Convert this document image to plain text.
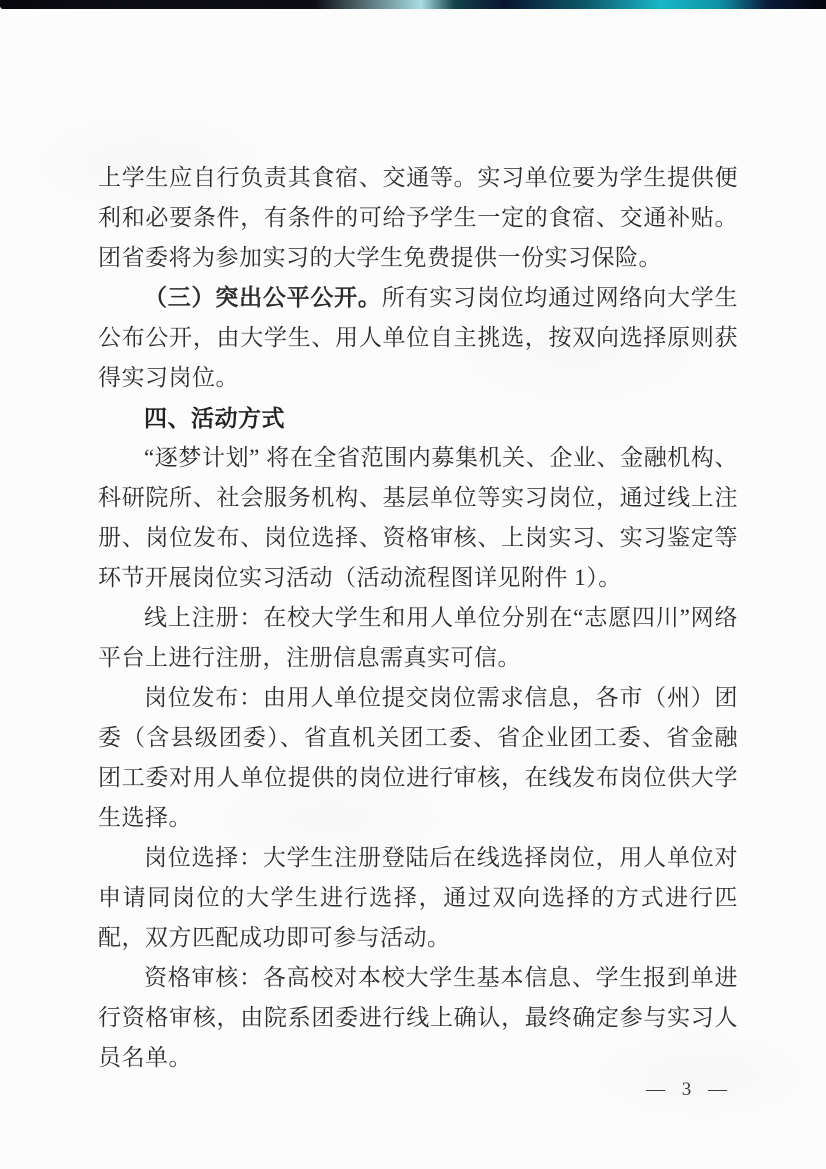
上学生应自行负责其食宿、交通等。实习单位要为学生提供便利和必要条件，有条件的可给予学生一定的食宿、交通补贴。团省委将为参加实习的大学生免费提供一份实习保险。

（三）突出公平公开。所有实习岗位均通过网络向大学生公布公开，由大学生、用人单位自主挑选，按双向选择原则获得实习岗位。

四、活动方式

“逐梦计划” 将在全省范围内募集机关、企业、金融机构、科研院所、社会服务机构、基层单位等实习岗位，通过线上注册、岗位发布、岗位选择、资格审核、上岗实习、实习鉴定等环节开展岗位实习活动（活动流程图详见附件 1）。

线上注册：在校大学生和用人单位分别在“志愿四川”网络平台上进行注册，注册信息需真实可信。

岗位发布：由用人单位提交岗位需求信息，各市（州）团委（含县级团委）、省直机关团工委、省企业团工委、省金融团工委对用人单位提供的岗位进行审核，在线发布岗位供大学生选择。

岗位选择：大学生注册登陆后在线选择岗位，用人单位对申请同岗位的大学生进行选择，通过双向选择的方式进行匹配，双方匹配成功即可参与活动。

资格审核：各高校对本校大学生基本信息、学生报到单进行资格审核，由院系团委进行线上确认，最终确定参与实习人员名单。

— 3 —
